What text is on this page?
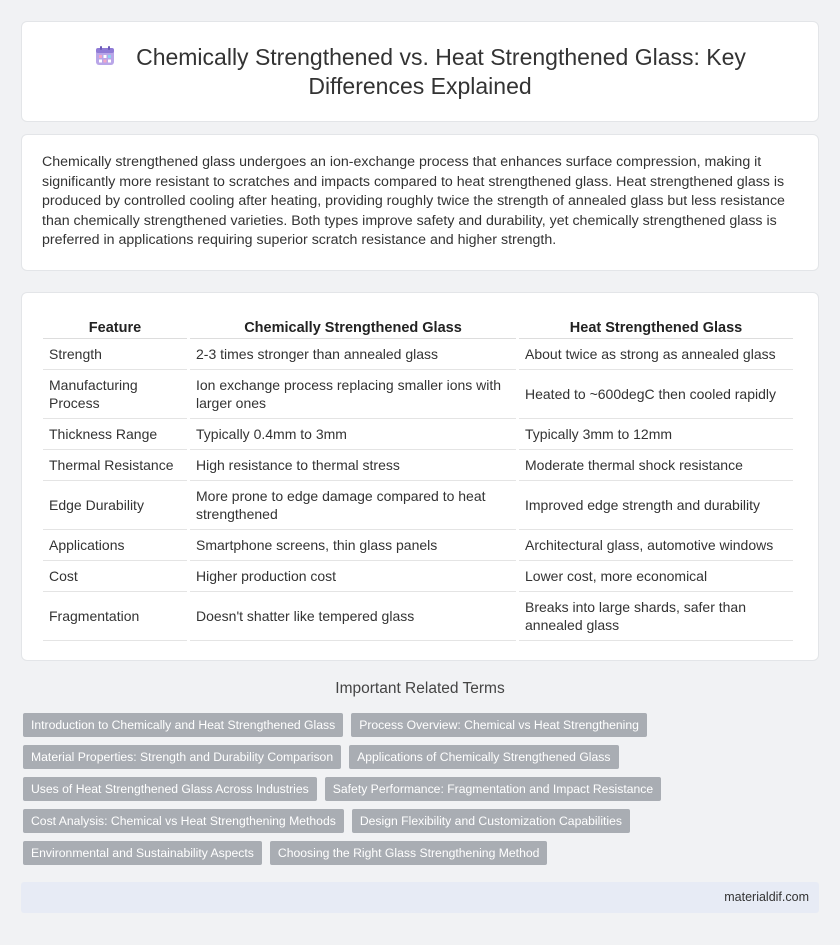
Chemically Strengthened vs. Heat Strengthened Glass: Key Differences Explained

Chemically strengthened glass undergoes an ion-exchange process that enhances surface compression, making it significantly more resistant to scratches and impacts compared to heat strengthened glass. Heat strengthened glass is produced by controlled cooling after heating, providing roughly twice the strength of annealed glass but less resistance than chemically strengthened varieties. Both types improve safety and durability, yet chemically strengthened glass is preferred in applications requiring superior scratch resistance and higher strength.

Feature	Chemically Strengthened Glass	Heat Strengthened Glass
Strength	2-3 times stronger than annealed glass	About twice as strong as annealed glass
Manufacturing Process	Ion exchange process replacing smaller ions with larger ones	Heated to ~600degC then cooled rapidly
Thickness Range	Typically 0.4mm to 3mm	Typically 3mm to 12mm
Thermal Resistance	High resistance to thermal stress	Moderate thermal shock resistance
Edge Durability	More prone to edge damage compared to heat strengthened	Improved edge strength and durability
Applications	Smartphone screens, thin glass panels	Architectural glass, automotive windows
Cost	Higher production cost	Lower cost, more economical
Fragmentation	Doesn't shatter like tempered glass	Breaks into large shards, safer than annealed glass
Important Related Terms
Introduction to Chemically and Heat Strengthened Glass	Process Overview: Chemical vs Heat Strengthening
Material Properties: Strength and Durability Comparison	Applications of Chemically Strengthened Glass
Uses of Heat Strengthened Glass Across Industries	Safety Performance: Fragmentation and Impact Resistance
Cost Analysis: Chemical vs Heat Strengthening Methods	Design Flexibility and Customization Capabilities
Environmental and Sustainability Aspects	Choosing the Right Glass Strengthening Method
materialdif.com
